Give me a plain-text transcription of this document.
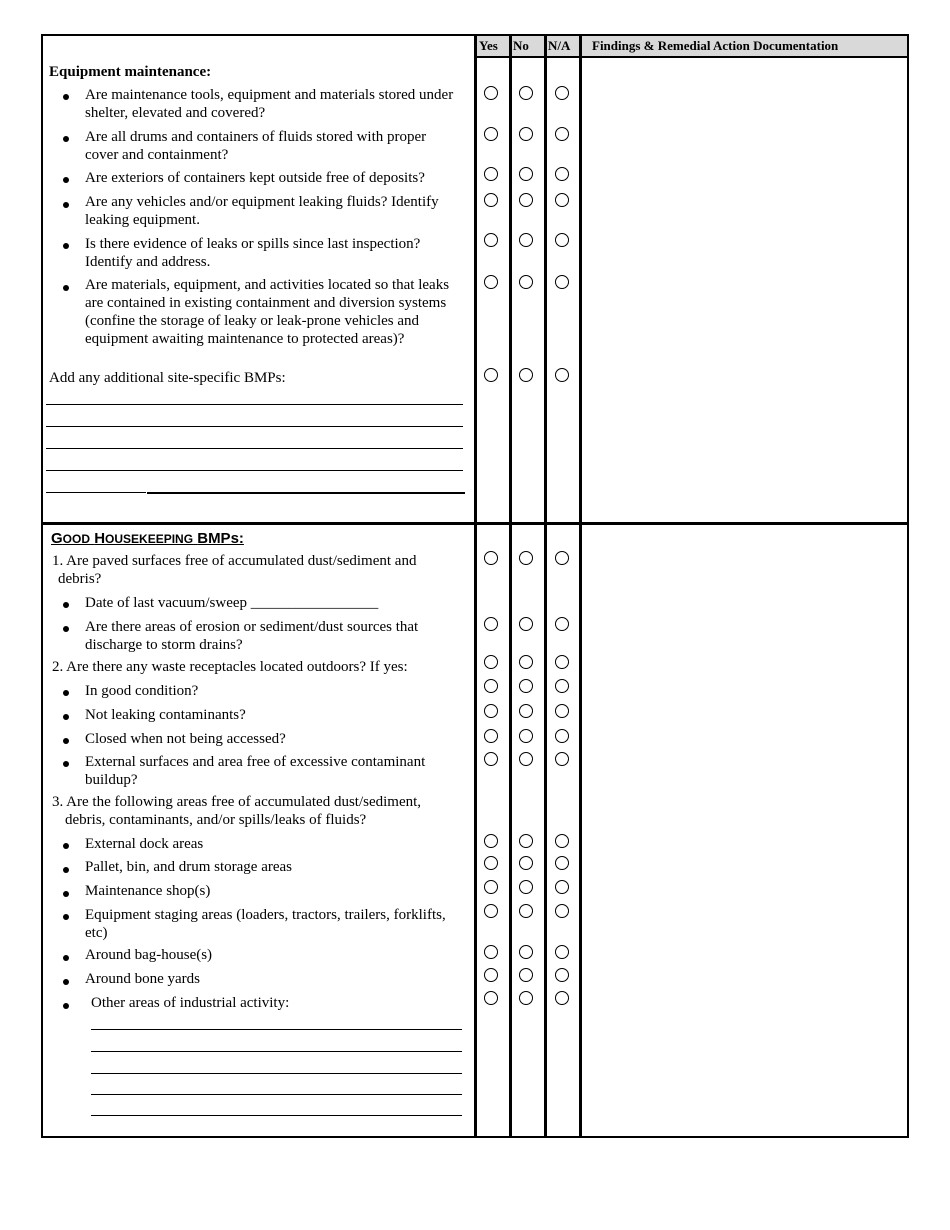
Yes No N/A Findings & Remedial Action Documentation
Equipment maintenance:
Are maintenance tools, equipment and materials stored under
shelter, elevated and covered?
Are all drums and containers of fluids stored with proper
cover and containment?
Are exteriors of containers kept outside free of deposits?
Are any vehicles and/or equipment leaking fluids? Identify
leaking equipment.
Is there evidence of leaks or spills since last inspection?
Identify and address.
Are materials, equipment, and activities located so that leaks
are contained in existing containment and diversion systems
(confine the storage of leaky or leak-prone vehicles and
equipment awaiting maintenance to protected areas)?
Add any additional site-specific BMPs:
GOOD HOUSEKEEPING BMPs:
1. Are paved surfaces free of accumulated dust/sediment and
debris?
Date of last vacuum/sweep _________________
Are there areas of erosion or sediment/dust sources that
discharge to storm drains?
2. Are there any waste receptacles located outdoors? If yes:
In good condition?
Not leaking contaminants?
Closed when not being accessed?
External surfaces and area free of excessive contaminant
buildup?
3. Are the following areas free of accumulated dust/sediment,
debris, contaminants, and/or spills/leaks of fluids?
External dock areas
Pallet, bin, and drum storage areas
Maintenance shop(s)
Equipment staging areas (loaders, tractors, trailers, forklifts,
etc)
Around bag-house(s)
Around bone yards
Other areas of industrial activity:
